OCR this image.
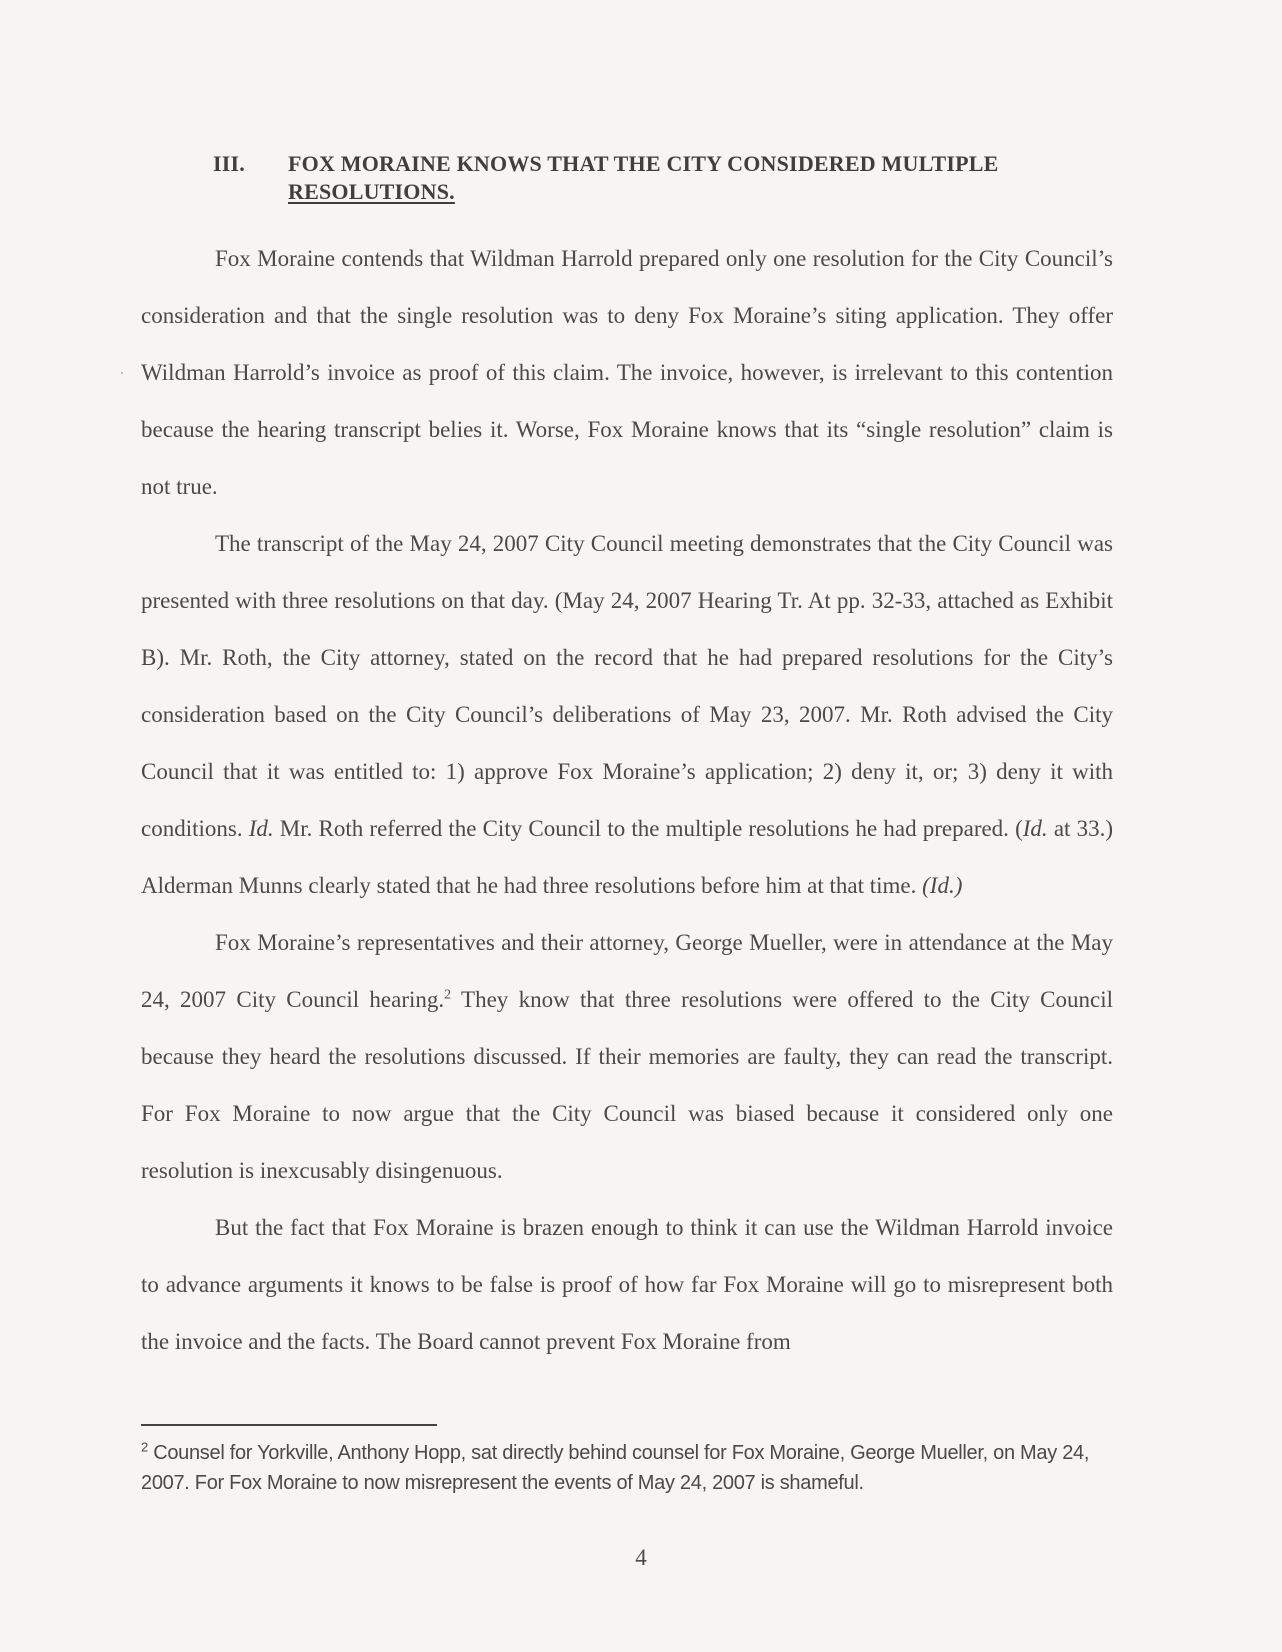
III. FOX MORAINE KNOWS THAT THE CITY CONSIDERED MULTIPLE
RESOLUTIONS.

Fox Moraine contends that Wildman Harrold prepared only one resolution for the City Council’s consideration and that the single resolution was to deny Fox Moraine’s siting application. They offer Wildman Harrold’s invoice as proof of this claim. The invoice, however, is irrelevant to this contention because the hearing transcript belies it. Worse, Fox Moraine knows that its “single resolution” claim is not true.

The transcript of the May 24, 2007 City Council meeting demonstrates that the City Council was presented with three resolutions on that day. (May 24, 2007 Hearing Tr. At pp. 32-33, attached as Exhibit B). Mr. Roth, the City attorney, stated on the record that he had prepared resolutions for the City’s consideration based on the City Council’s deliberations of May 23, 2007. Mr. Roth advised the City Council that it was entitled to: 1) approve Fox Moraine’s application; 2) deny it, or; 3) deny it with conditions. Id. Mr. Roth referred the City Council to the multiple resolutions he had prepared. (Id. at 33.) Alderman Munns clearly stated that he had three resolutions before him at that time. (Id.)

Fox Moraine’s representatives and their attorney, George Mueller, were in attendance at the May 24, 2007 City Council hearing.$^2$ They know that three resolutions were offered to the City Council because they heard the resolutions discussed. If their memories are faulty, they can read the transcript. For Fox Moraine to now argue that the City Council was biased because it considered only one resolution is inexcusably disingenuous.

But the fact that Fox Moraine is brazen enough to think it can use the Wildman Harrold invoice to advance arguments it knows to be false is proof of how far Fox Moraine will go to misrepresent both the invoice and the facts. The Board cannot prevent Fox Moraine from

$^2$ Counsel for Yorkville, Anthony Hopp, sat directly behind counsel for Fox Moraine, George Mueller, on May 24, 2007. For Fox Moraine to now misrepresent the events of May 24, 2007 is shameful.
4
